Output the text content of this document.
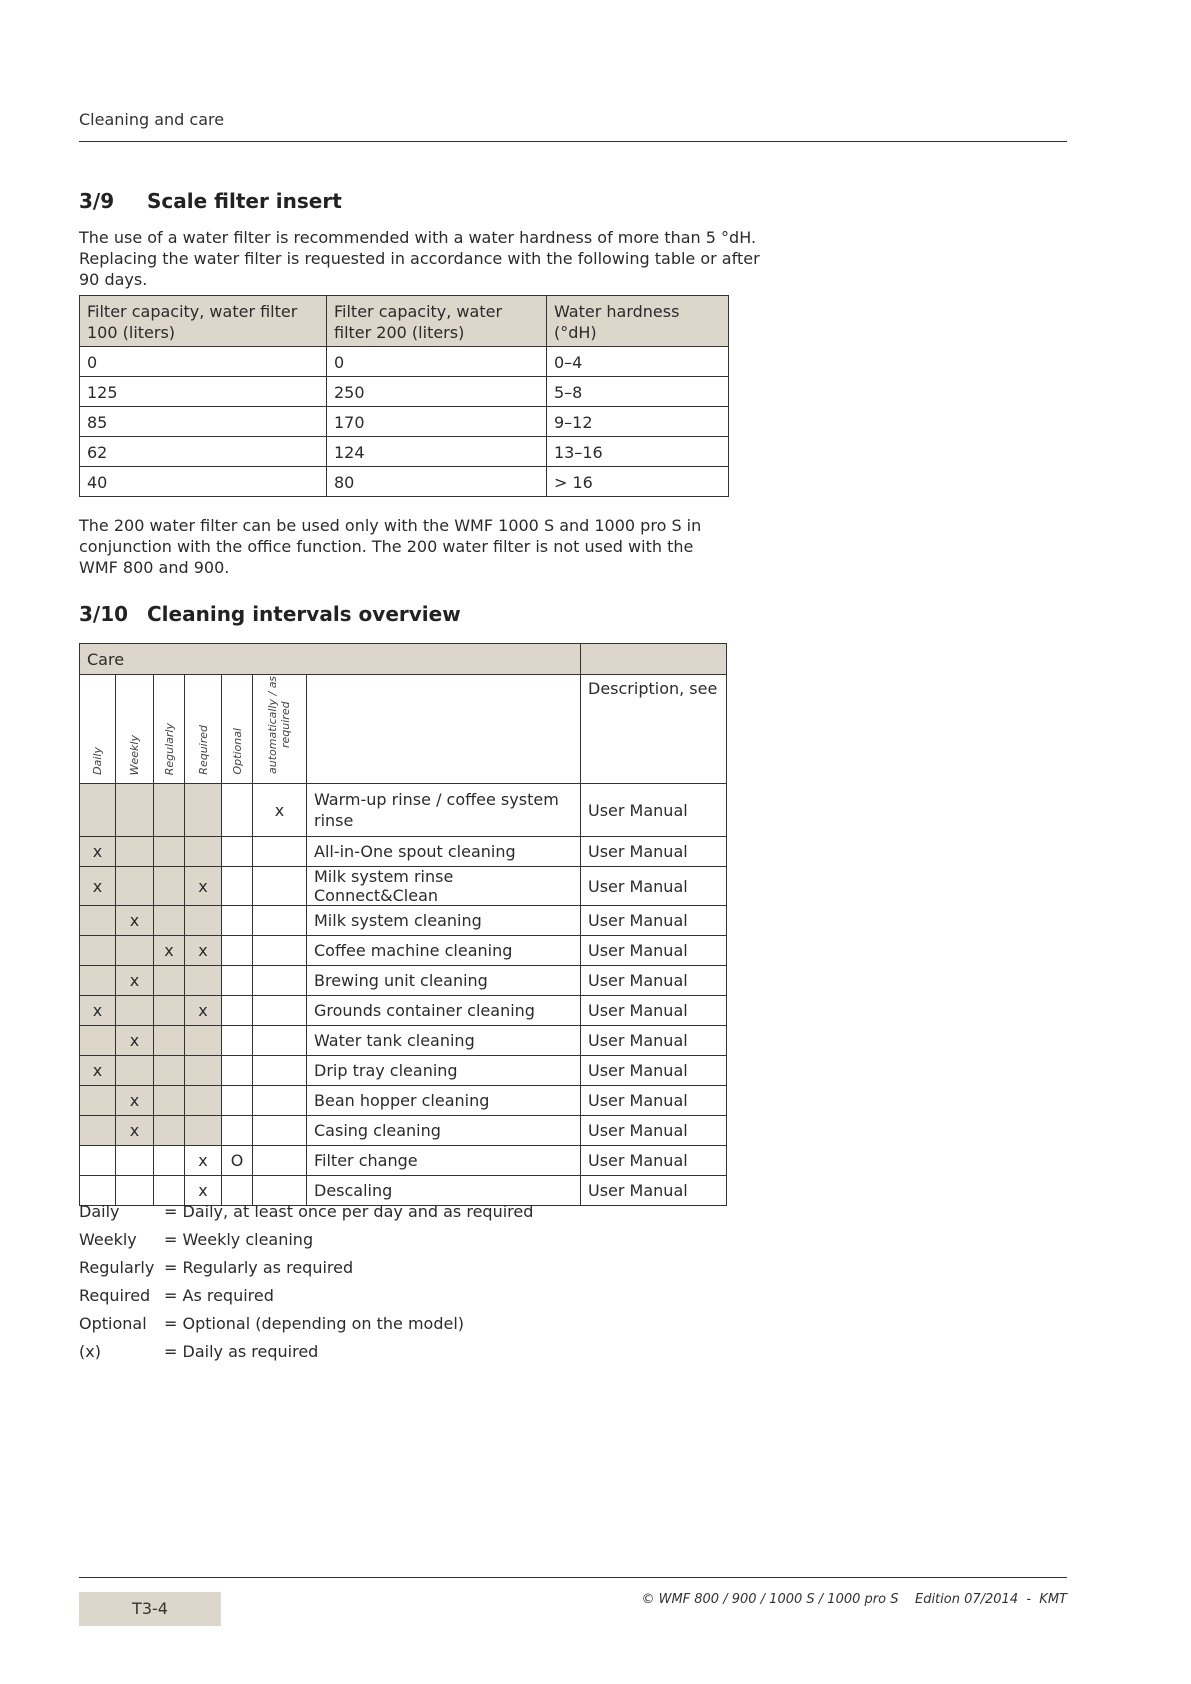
Cleaning and care
3/9 Scale filter insert
The use of a water filter is recommended with a water hardness of more than 5 °dH.
Replacing the water filter is requested in accordance with the following table or after
90 days.
Filter capacity, water filter 100 (liters)	Filter capacity, water filter 200 (liters)	Water hardness (°dH)
0	0	0–4
125	250	5–8
85	170	9–12
62	124	13–16
40	80	> 16
The 200 water filter can be used only with the WMF 1000 S and 1000 pro S in
conjunction with the office function. The 200 water filter is not used with the
WMF 800 and 900.
3/10 Cleaning intervals overview
Care							
Daily	Weekly	Regularly	Required	Optional	automatically / as required		Description, see
					x	Warm-up rinse / coffee system rinse	User Manual
x						All-in-One spout cleaning	User Manual
x			x			Milk system rinse Connect&Clean	User Manual
	x					Milk system cleaning	User Manual
		x	x			Coffee machine cleaning	User Manual
	x					Brewing unit cleaning	User Manual
x			x			Grounds container cleaning	User Manual
	x					Water tank cleaning	User Manual
x						Drip tray cleaning	User Manual
	x					Bean hopper cleaning	User Manual
	x					Casing cleaning	User Manual
			x	O		Filter change	User Manual
			x			Descaling	User Manual
Daily	= Daily, at least once per day and as required
Weekly = Weekly cleaning
Regularly = Regularly as required
Required = As required
Optional = Optional (depending on the model)
(x)	= Daily as required
T3-4	© WMF 800 / 900 / 1000 S / 1000 pro S    Edition 07/2014  -  KMT
